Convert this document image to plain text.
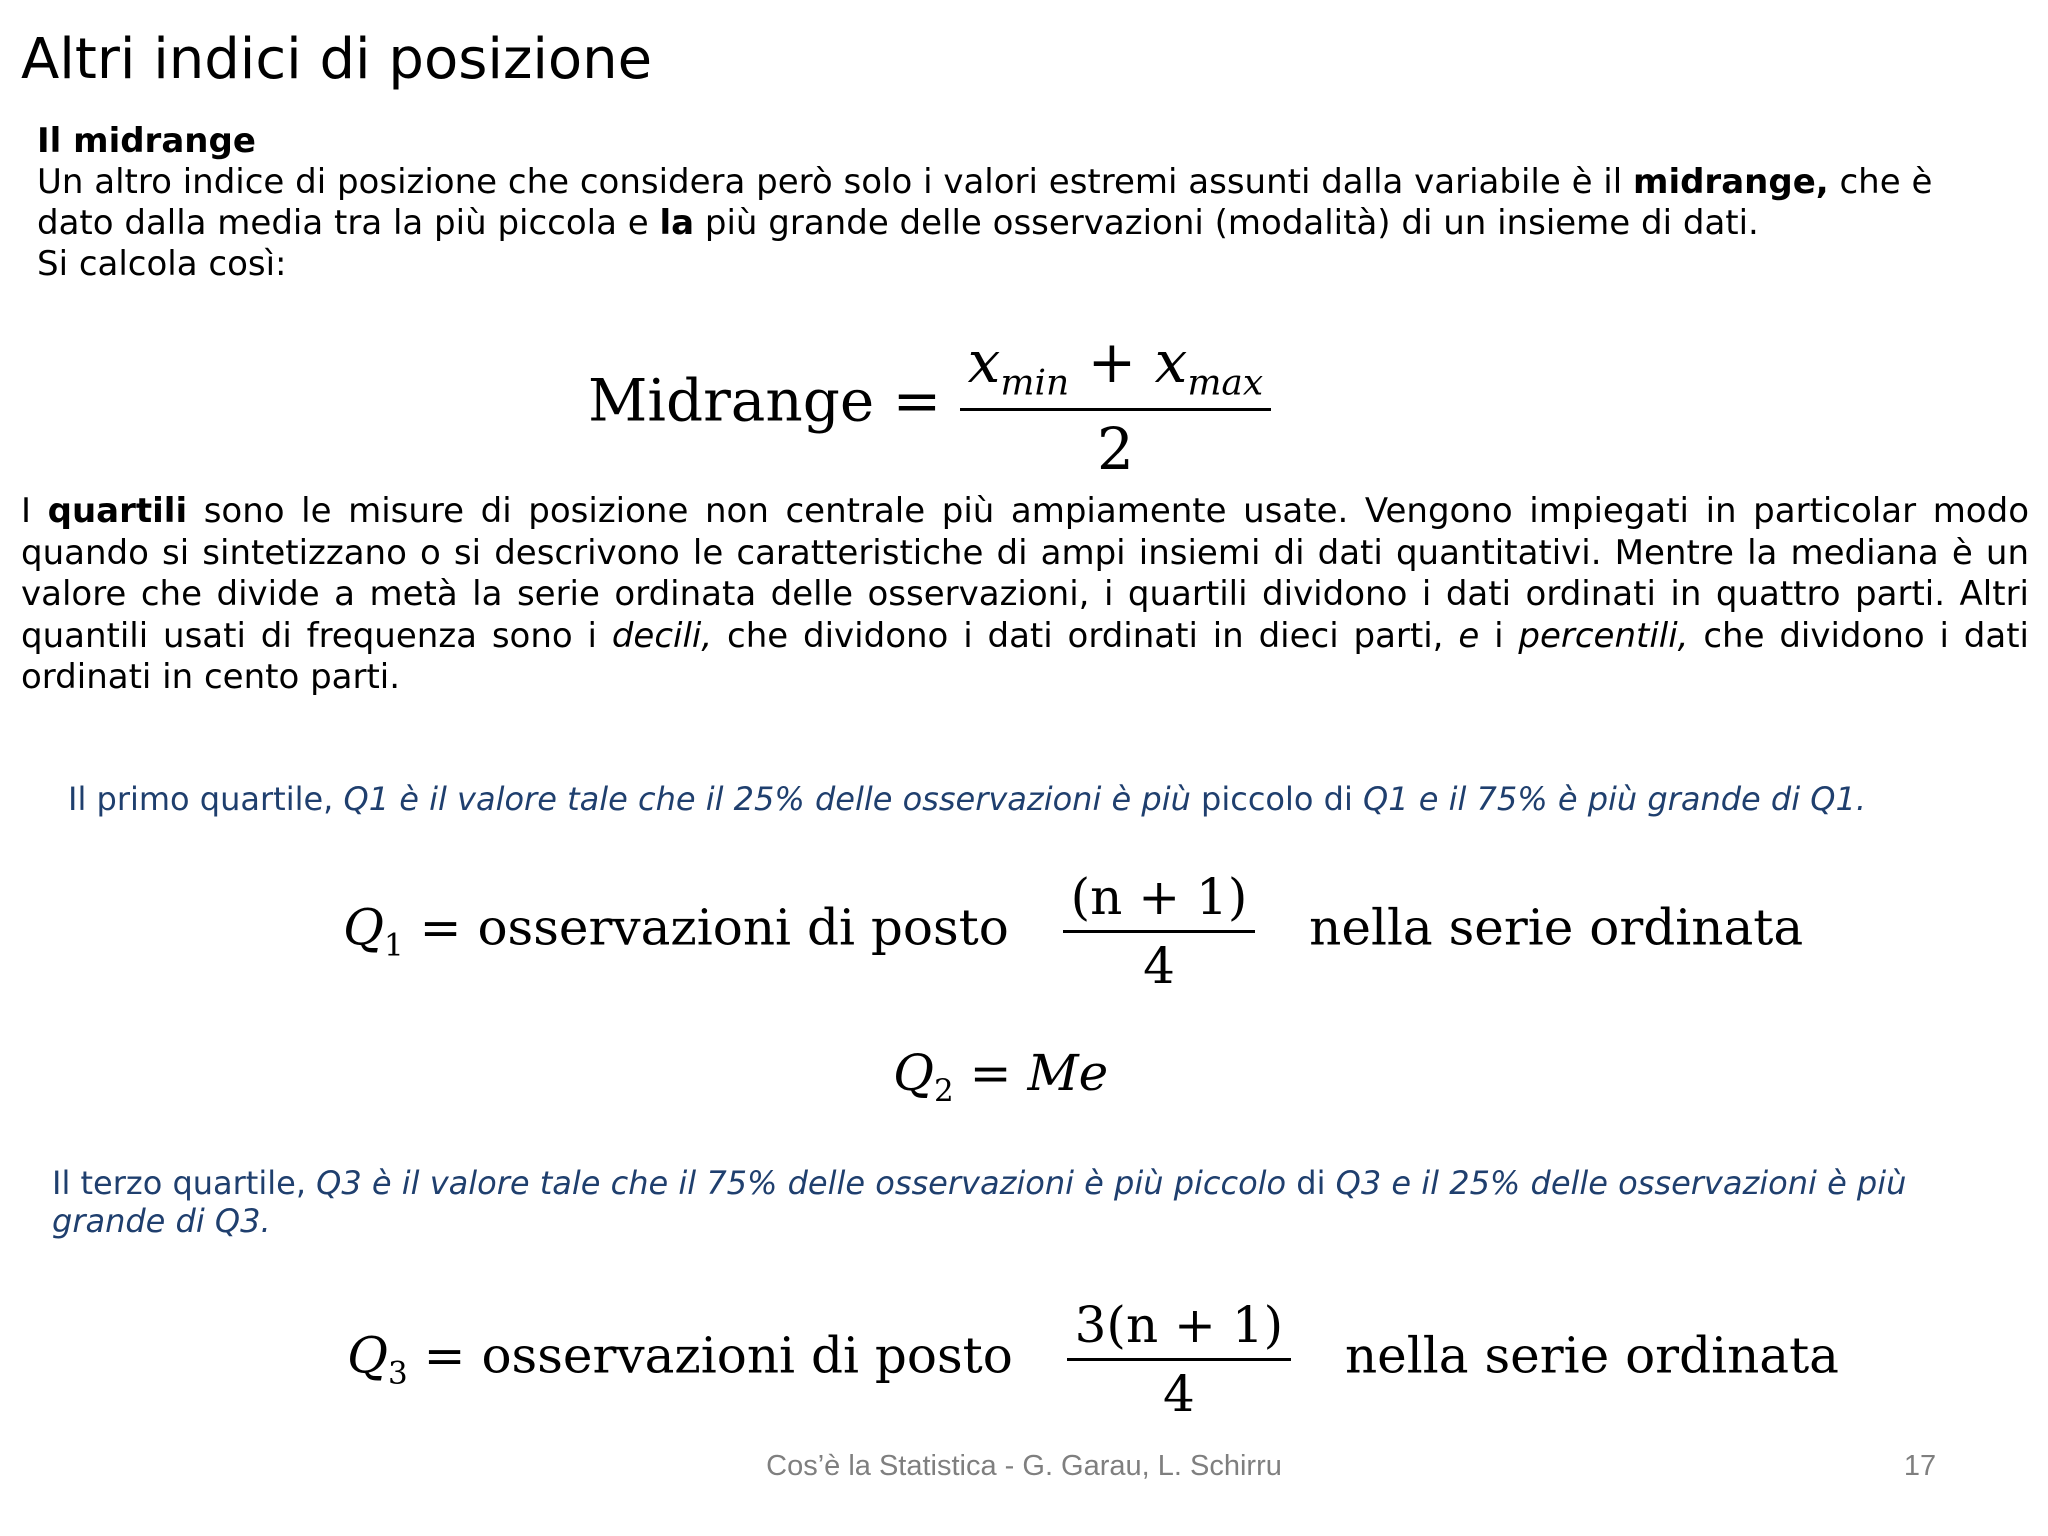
Altri indici di posizione

Il midrange

Un altro indice di posizione che considera però solo i valori estremi assunti dalla variabile è il midrange, che è dato dalla media tra la più piccola e la più grande delle osservazioni (modalità) di un insieme di dati.

Si calcola così:

Midrange = $\frac{x_{min} + x_{max}}{2}$

I quartili sono le misure di posizione non centrale più ampiamente usate. Vengono impiegati in particolar modo quando si sintetizzano o si descrivono le caratteristiche di ampi insiemi di dati quantitativi. Mentre la mediana è un valore che divide a metà la serie ordinata delle osservazioni, i quartili dividono i dati ordinati in quattro parti. Altri quantili usati di frequenza sono i decili, che dividono i dati ordinati in dieci parti, e i percentili, che dividono i dati ordinati in cento parti.

Il primo quartile, Q1 è il valore tale che il 25% delle osservazioni è più piccolo di Q1 e il 75% è più grande di Q1.
$Q_1$ = osservazioni di posto $\frac{(n + 1)}{4}$ nella serie ordinata
$Q_2 = Me$
Il terzo quartile, Q3 è il valore tale che il 75% delle osservazioni è più piccolo di Q3 e il 25% delle osservazioni è più grande di Q3.
$Q_3$ = osservazioni di posto $\frac{3(n + 1)}{4}$ nella serie ordinata
Cos’è la Statistica - G. Garau, L. Schirru	17
